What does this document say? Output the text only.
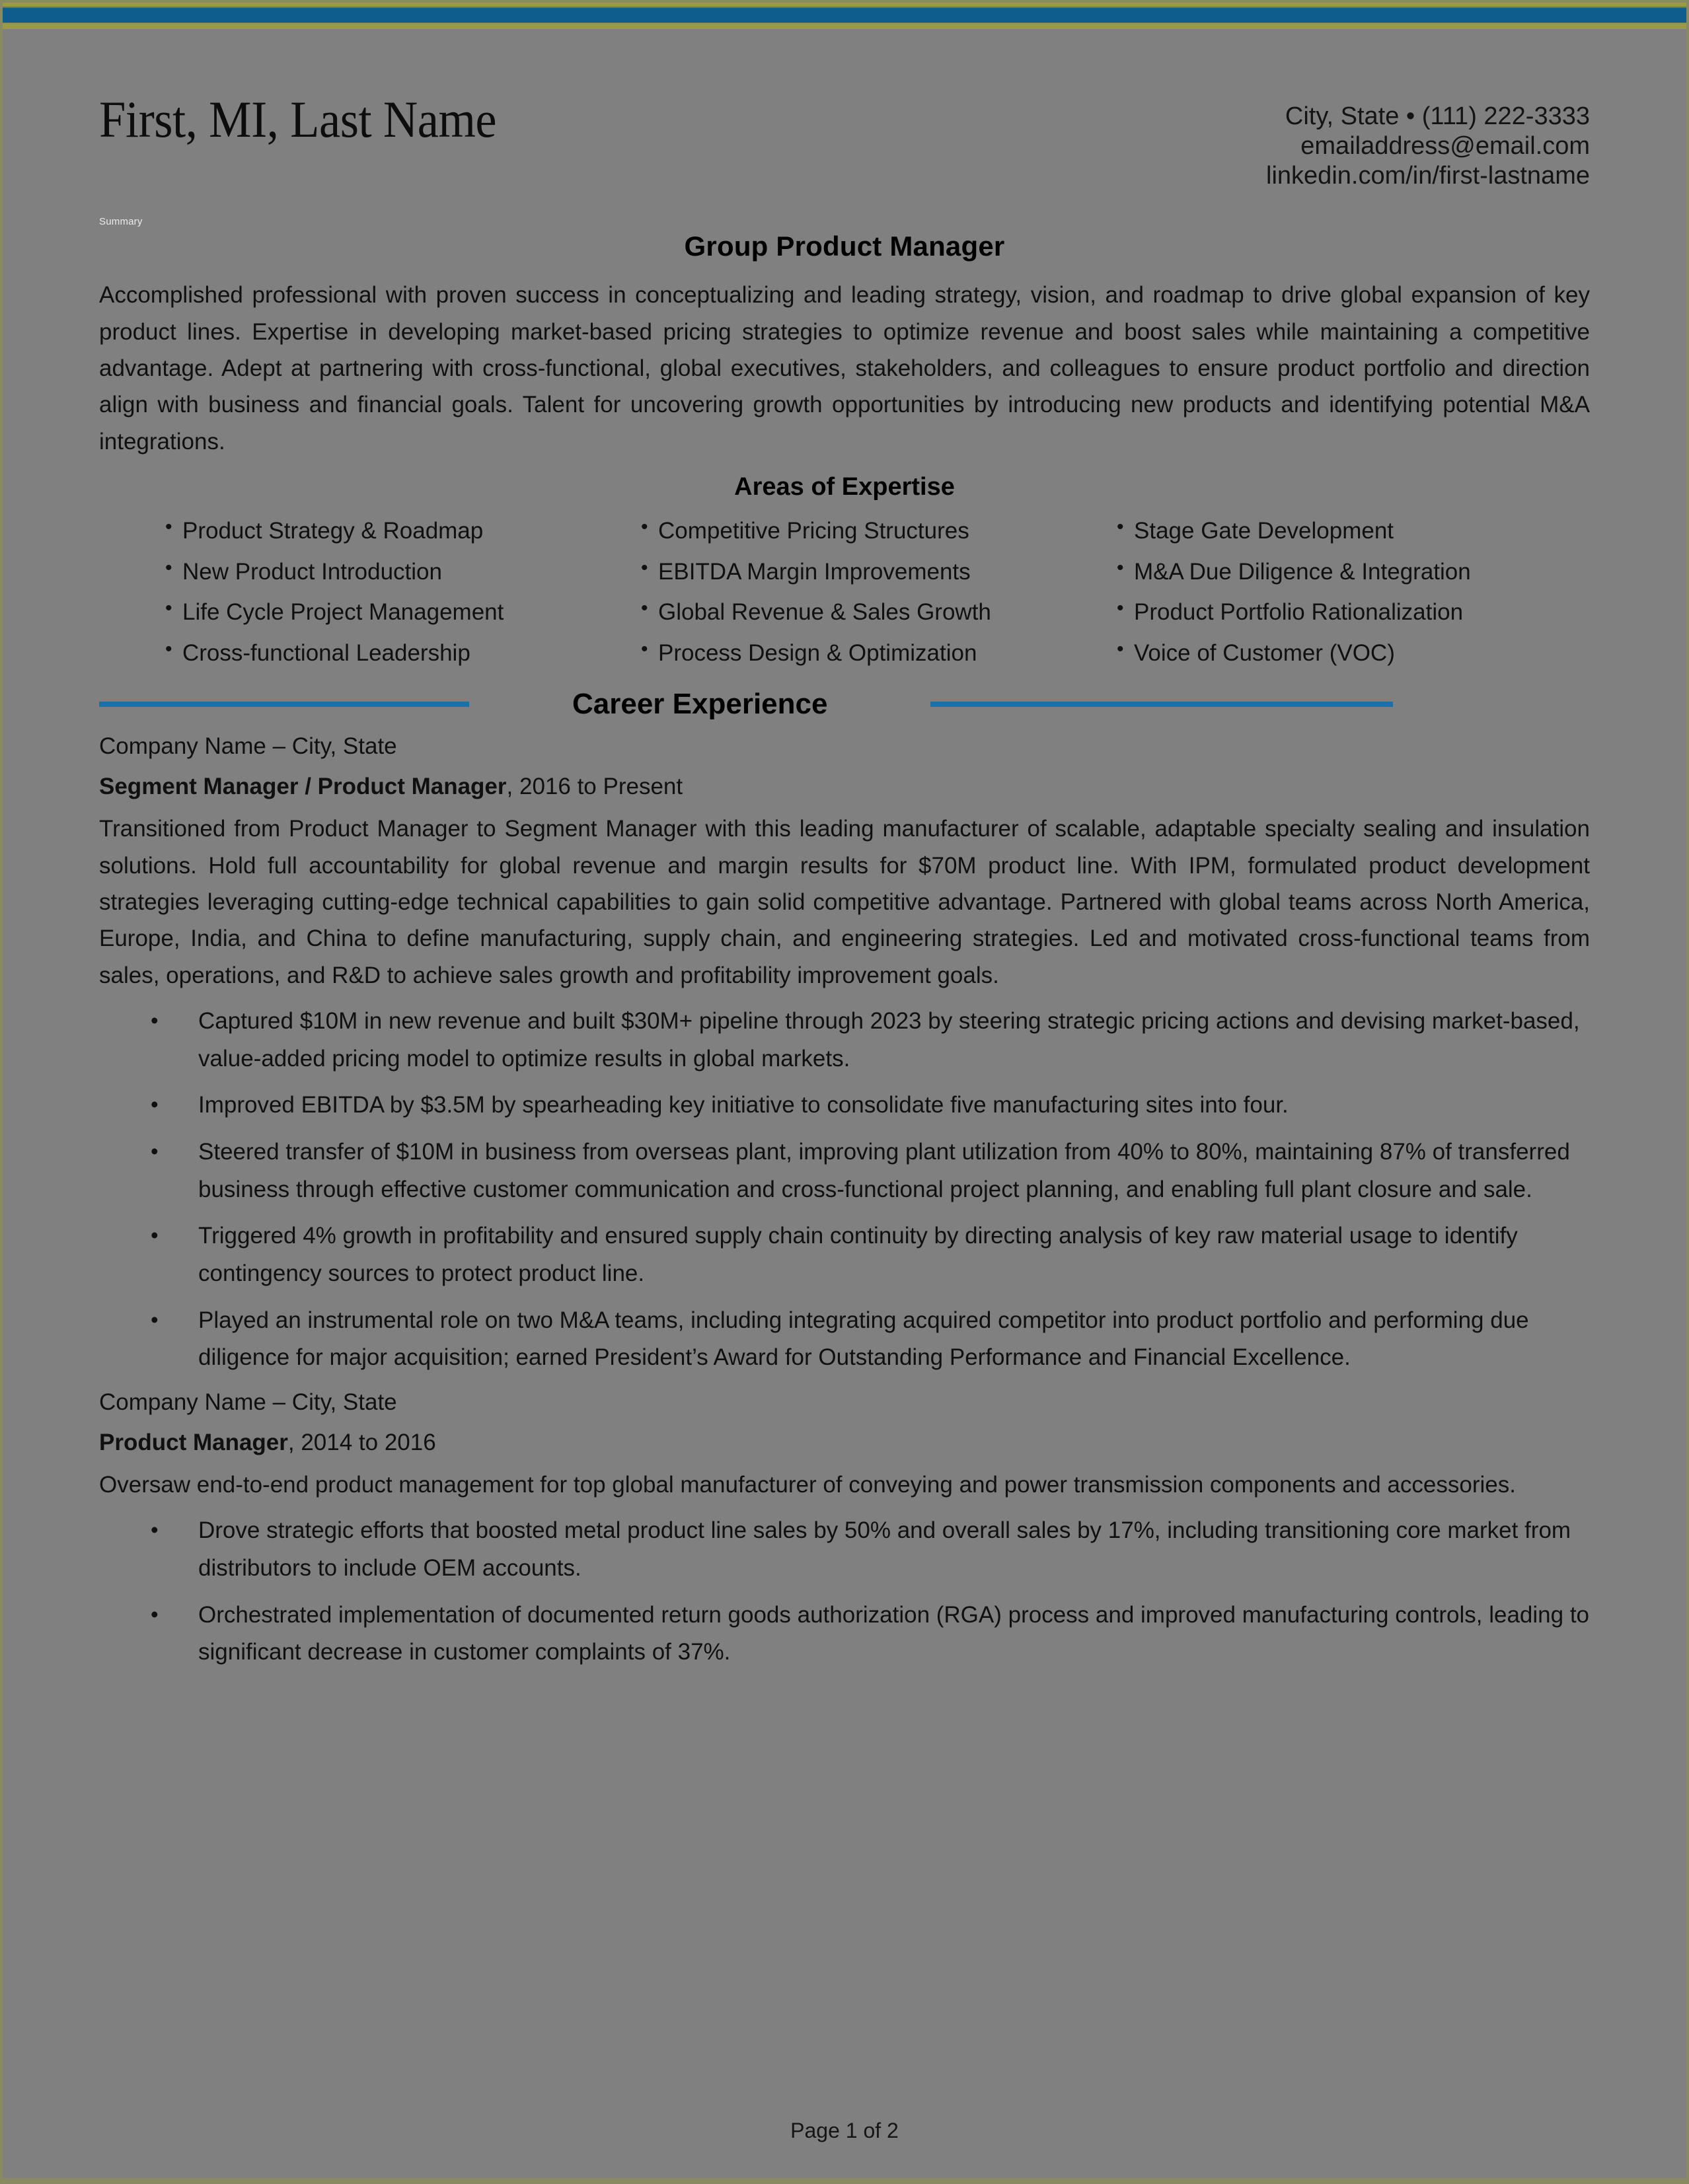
First, MI, Last Name	City, State • (111) 222-3333
emailaddress@email.com
linkedin.com/in/first-lastname
Summary
Group Product Manager
Accomplished professional with proven success in conceptualizing and leading strategy, vision, and roadmap to drive global expansion of key product lines. Expertise in developing market-based pricing strategies to optimize revenue and boost sales while maintaining a competitive advantage. Adept at partnering with cross-functional, global executives, stakeholders, and colleagues to ensure product portfolio and direction align with business and financial goals. Talent for uncovering growth opportunities by introducing new products and identifying potential M&A integrations.
Areas of Expertise
• Product Strategy & Roadmap
• New Product Introduction
• Life Cycle Project Management
• Cross-functional Leadership
• Competitive Pricing Structures
• EBITDA Margin Improvements
• Global Revenue & Sales Growth
• Process Design & Optimization
• Stage Gate Development
• M&A Due Diligence & Integration
• Product Portfolio Rationalization
• Voice of Customer (VOC)
Career Experience
Company Name – City, State
Segment Manager / Product Manager, 2016 to Present
Transitioned from Product Manager to Segment Manager with this leading manufacturer of scalable, adaptable specialty sealing and insulation solutions. Hold full accountability for global revenue and margin results for $70M product line. With IPM, formulated product development strategies leveraging cutting-edge technical capabilities to gain solid competitive advantage. Partnered with global teams across North America, Europe, India, and China to define manufacturing, supply chain, and engineering strategies. Led and motivated cross-functional teams from sales, operations, and R&D to achieve sales growth and profitability improvement goals.
• Captured $10M in new revenue and built $30M+ pipeline through 2023 by steering strategic pricing actions and devising market-based, value-added pricing model to optimize results in global markets.
• Improved EBITDA by $3.5M by spearheading key initiative to consolidate five manufacturing sites into four.
• Steered transfer of $10M in business from overseas plant, improving plant utilization from 40% to 80%, maintaining 87% of transferred business through effective customer communication and cross-functional project planning, and enabling full plant closure and sale.
• Triggered 4% growth in profitability and ensured supply chain continuity by directing analysis of key raw material usage to identify contingency sources to protect product line.
• Played an instrumental role on two M&A teams, including integrating acquired competitor into product portfolio and performing due diligence for major acquisition; earned President’s Award for Outstanding Performance and Financial Excellence.
Company Name – City, State
Product Manager, 2014 to 2016
Oversaw end-to-end product management for top global manufacturer of conveying and power transmission components and accessories.
• Drove strategic efforts that boosted metal product line sales by 50% and overall sales by 17%, including transitioning core market from distributors to include OEM accounts.
• Orchestrated implementation of documented return goods authorization (RGA) process and improved manufacturing controls, leading to significant decrease in customer complaints of 37%.
Page 1 of 2
